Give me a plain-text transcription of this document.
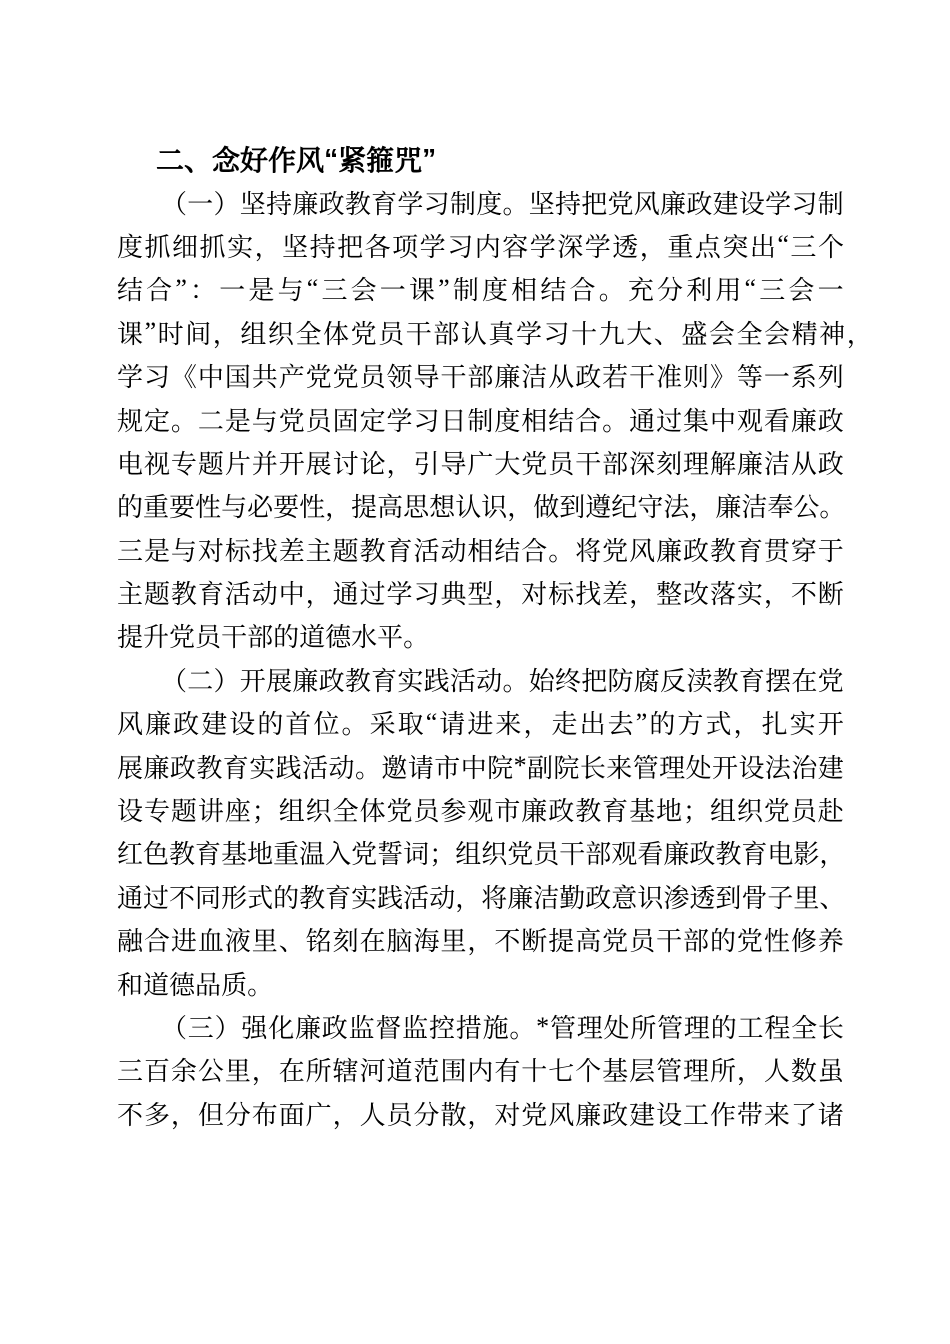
二 、 念 好 作 风 “ 紧 箍 咒 ”
（ 一 ） 坚 持 廉 政 教 育 学 习 制 度 。 坚 持 把 党 风 廉 政 建 设 学 习 制
度 抓 细 抓 实 ， 坚 持 把 各 项 学 习 内 容 学 深 学 透 ， 重 点 突 出 “ 三 个
结 合 ” ： 一 是 与 “ 三 会 一 课 ” 制 度 相 结 合 。 充 分 利 用 “ 三 会 一
课 ” 时 间 ， 组 织 全 体 党 员 干 部 认 真 学 习 十 九 大 、 盛 会 全 会 精 神 ，
学 习 《 中 国 共 产 党 党 员 领 导 干 部 廉 洁 从 政 若 干 准 则 》 等 一 系 列
规 定 。 二 是 与 党 员 固 定 学 习 日 制 度 相 结 合 。 通 过 集 中 观 看 廉 政
电 视 专 题 片 并 开 展 讨 论 ， 引 导 广 大 党 员 干 部 深 刻 理 解 廉 洁 从 政
的 重 要 性 与 必 要 性 ， 提 高 思 想 认 识 ， 做 到 遵 纪 守 法 ， 廉 洁 奉 公 。
三 是 与 对 标 找 差 主 题 教 育 活 动 相 结 合 。 将 党 风 廉 政 教 育 贯 穿 于
主 题 教 育 活 动 中 ， 通 过 学 习 典 型 ， 对 标 找 差 ， 整 改 落 实 ， 不 断
提 升 党 员 干 部 的 道 德 水 平 。
（ 二 ） 开 展 廉 政 教 育 实 践 活 动 。 始 终 把 防 腐 反 渎 教 育 摆 在 党
风 廉 政 建 设 的 首 位 。 采 取 “ 请 进 来 ， 走 出 去 ” 的 方 式 ， 扎 实 开
展 廉 政 教 育 实 践 活 动 。 邀 请 市 中 院 * 副 院 长 来 管 理 处 开 设 法 治 建
设 专 题 讲 座 ； 组 织 全 体 党 员 参 观 市 廉 政 教 育 基 地 ； 组 织 党 员 赴
红 色 教 育 基 地 重 温 入 党 誓 词 ； 组 织 党 员 干 部 观 看 廉 政 教 育 电 影 ，
通 过 不 同 形 式 的 教 育 实 践 活 动 ， 将 廉 洁 勤 政 意 识 渗 透 到 骨 子 里 、
融 合 进 血 液 里 、 铭 刻 在 脑 海 里 ， 不 断 提 高 党 员 干 部 的 党 性 修 养
和 道 德 品 质 。
（ 三 ） 强 化 廉 政 监 督 监 控 措 施 。 * 管 理 处 所 管 理 的 工 程 全 长
三 百 余 公 里 ， 在 所 辖 河 道 范 围 内 有 十 七 个 基 层 管 理 所 ， 人 数 虽
不 多 ， 但 分 布 面 广 ， 人 员 分 散 ， 对 党 风 廉 政 建 设 工 作 带 来 了 诸
